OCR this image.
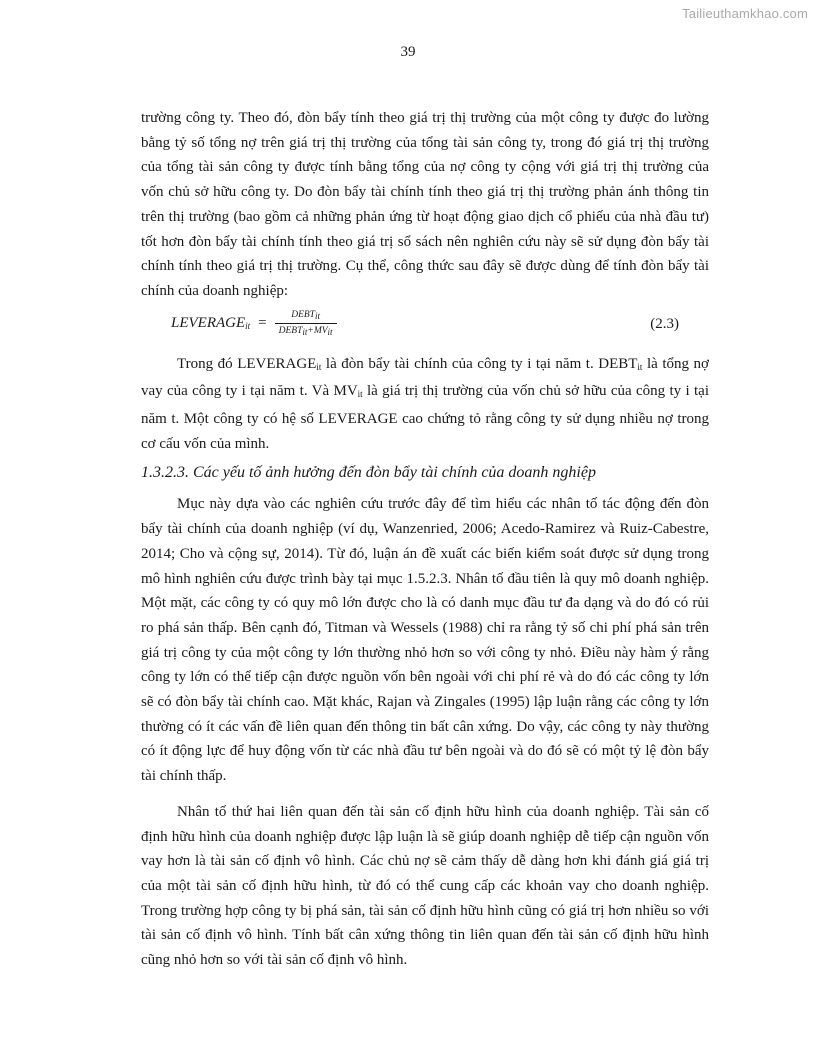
Tailieuthamkhao.com
39

trường công ty. Theo đó, đòn bẩy tính theo giá trị thị trường của một công ty được đo lường bằng tỷ số tổng nợ trên giá trị thị trường của tổng tài sản công ty, trong đó giá trị thị trường của tổng tài sản công ty được tính bằng tổng của nợ công ty cộng với giá trị thị trường của vốn chủ sở hữu công ty. Do đòn bẩy tài chính tính theo giá trị thị trường phản ánh thông tin trên thị trường (bao gồm cả những phản ứng từ hoạt động giao dịch cổ phiếu của nhà đầu tư) tốt hơn đòn bẩy tài chính tính theo giá trị sổ sách nên nghiên cứu này sẽ sử dụng đòn bẩy tài chính tính theo giá trị thị trường. Cụ thể, công thức sau đây sẽ được dùng để tính đòn bẩy tài chính của doanh nghiệp:

$LEVERAGE_{it} = \frac{DEBT_{it}}{DEBT_{it}+MV_{it}}$	(2.3)

Trong đó $LEVERAGE_{it}$ là đòn bẩy tài chính của công ty i tại năm t. $DEBT_{it}$ là tổng nợ vay của công ty i tại năm t. Và $MV_{it}$ là giá trị thị trường của vốn chủ sở hữu của công ty i tại năm t. Một công ty có hệ số LEVERAGE cao chứng tỏ rằng công ty sử dụng nhiều nợ trong cơ cấu vốn của mình.

1.3.2.3. Các yếu tố ảnh hưởng đến đòn bẩy tài chính của doanh nghiệp

Mục này dựa vào các nghiên cứu trước đây để tìm hiểu các nhân tố tác động đến đòn bẩy tài chính của doanh nghiệp (ví dụ, Wanzenried, 2006; Acedo-Ramirez và Ruiz-Cabestre, 2014; Cho và cộng sự, 2014). Từ đó, luận án đề xuất các biến kiểm soát được sử dụng trong mô hình nghiên cứu được trình bày tại mục 1.5.2.3. Nhân tố đầu tiên là quy mô doanh nghiệp. Một mặt, các công ty có quy mô lớn được cho là có danh mục đầu tư đa dạng và do đó có rủi ro phá sản thấp. Bên cạnh đó, Titman và Wessels (1988) chỉ ra rằng tỷ số chi phí phá sản trên giá trị công ty của một công ty lớn thường nhỏ hơn so với công ty nhỏ. Điều này hàm ý rằng công ty lớn có thể tiếp cận được nguồn vốn bên ngoài với chi phí rẻ và do đó các công ty lớn sẽ có đòn bẩy tài chính cao. Mặt khác, Rajan và Zingales (1995) lập luận rằng các công ty lớn thường có ít các vấn đề liên quan đến thông tin bất cân xứng. Do vậy, các công ty này thường có ít động lực để huy động vốn từ các nhà đầu tư bên ngoài và do đó sẽ có một tỷ lệ đòn bẩy tài chính thấp.

Nhân tố thứ hai liên quan đến tài sản cố định hữu hình của doanh nghiệp. Tài sản cố định hữu hình của doanh nghiệp được lập luận là sẽ giúp doanh nghiệp dễ tiếp cận nguồn vốn vay hơn là tài sản cố định vô hình. Các chủ nợ sẽ cảm thấy dễ dàng hơn khi đánh giá giá trị của một tài sản cố định hữu hình, từ đó có thể cung cấp các khoản vay cho doanh nghiệp. Trong trường hợp công ty bị phá sản, tài sản cố định hữu hình cũng có giá trị hơn nhiều so với tài sản cố định vô hình. Tính bất cân xứng thông tin liên quan đến tài sản cố định hữu hình cũng nhỏ hơn so với tài sản cố định vô hình.
